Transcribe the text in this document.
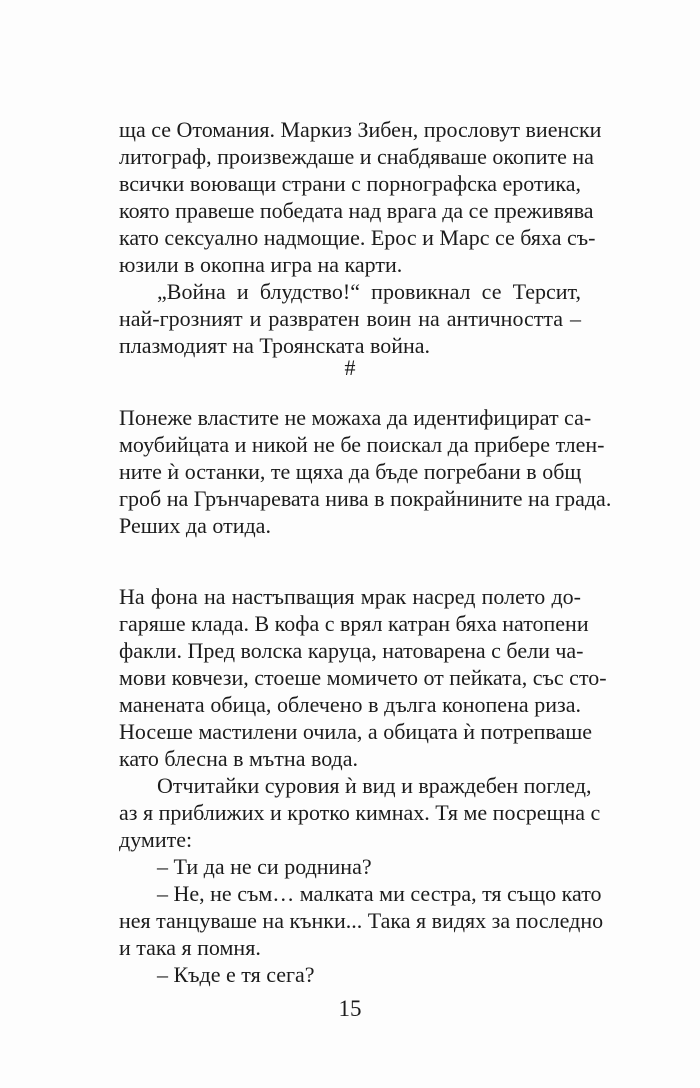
ща се Отомания. Маркиз Зибен, прословут виенски
литограф, произвеждаше и снабдяваше окопите на
всички воюващи страни с порнографска еротика,
която правеше победата над врага да се преживява
като сексуално надмощие. Ерос и Марс се бяха съ-
юзили в окопна игра на карти.
„Война и блудство!“ провикнал се Терсит,
най-грозният и развратен воин на античността –
плазмодият на Троянската война.
#
Понеже властите не можаха да идентифицират са-
моубийцата и никой не бе поискал да прибере тлен-
ните ѝ останки, те щяха да бъде погребани в общ
гроб на Грънчаревата нива в покрайнините на града.
Реших да отида.
На фона на настъпващия мрак насред полето до-
гаряше клада. В кофа с врял катран бяха натопени
факли. Пред волска каруца, натоварена с бели ча-
мови ковчези, стоеше момичето от пейката, със сто-
манената обица, облечено в дълга конопена риза.
Носеше мастилени очила, а обицата ѝ потрепваше
като блесна в мътна вода.
Отчитайки суровия ѝ вид и враждебен поглед,
аз я приближих и кротко кимнах. Тя ме посрещна с
думите:
– Ти да не си роднина?
– Не, не съм… малката ми сестра, тя също като
нея танцуваше на кънки... Така я видях за последно
и така я помня.
– Къде е тя сега?
15
